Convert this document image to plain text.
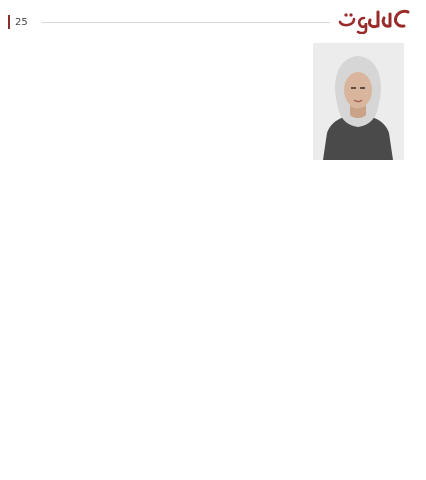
25
